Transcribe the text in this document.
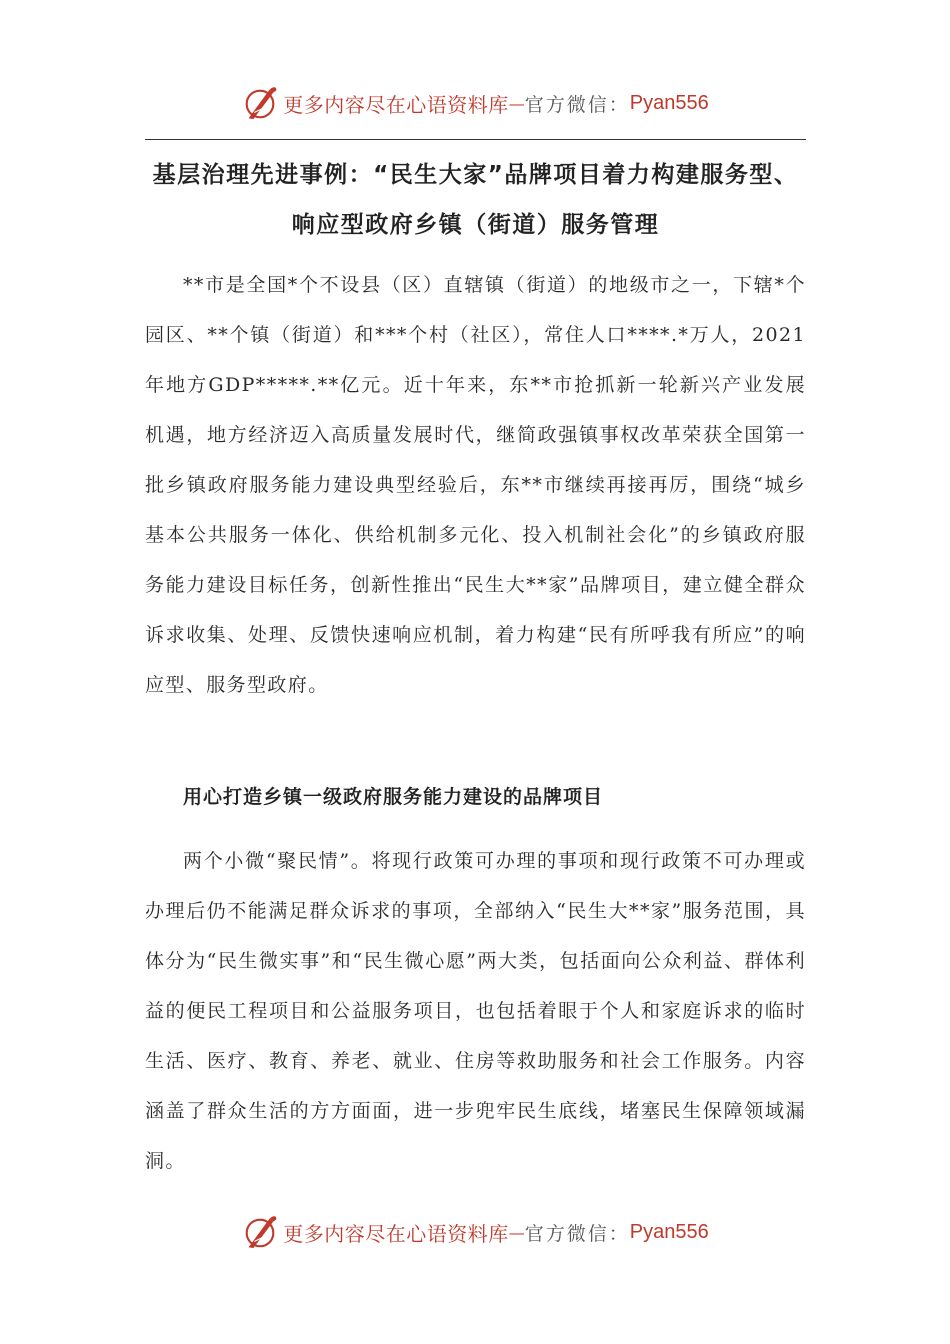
更多内容尽在心语资料库 — 官方微信： Pyan556
基层治理先进事例：“民生大家”品牌项目着力构建服务型、响应型政府乡镇（街道）服务管理

**市是全国*个不设县（区）直辖镇（街道）的地级市之一，下辖*个园区、**个镇（街道）和***个村（社区），常住人口****.*万人，2021年地方GDP*****.**亿元。近十年来，东**市抢抓新一轮新兴产业发展机遇，地方经济迈入高质量发展时代，继简政强镇事权改革荣获全国第一批乡镇政府服务能力建设典型经验后，东**市继续再接再厉，围绕“城乡基本公共服务一体化、供给机制多元化、投入机制社会化”的乡镇政府服务能力建设目标任务，创新性推出“民生大**家”品牌项目，建立健全群众诉求收集、处理、反馈快速响应机制，着力构建“民有所呼我有所应”的响应型、服务型政府。

用心打造乡镇一级政府服务能力建设的品牌项目

两个小微“聚民情”。将现行政策可办理的事项和现行政策不可办理或办理后仍不能满足群众诉求的事项，全部纳入“民生大**家”服务范围，具体分为“民生微实事”和“民生微心愿”两大类，包括面向公众利益、群体利益的便民工程项目和公益服务项目，也包括着眼于个人和家庭诉求的临时生活、医疗、教育、养老、就业、住房等救助服务和社会工作服务。内容涵盖了群众生活的方方面面，进一步兜牢民生底线，堵塞民生保障领域漏洞。

更多内容尽在心语资料库 — 官方微信： Pyan556
